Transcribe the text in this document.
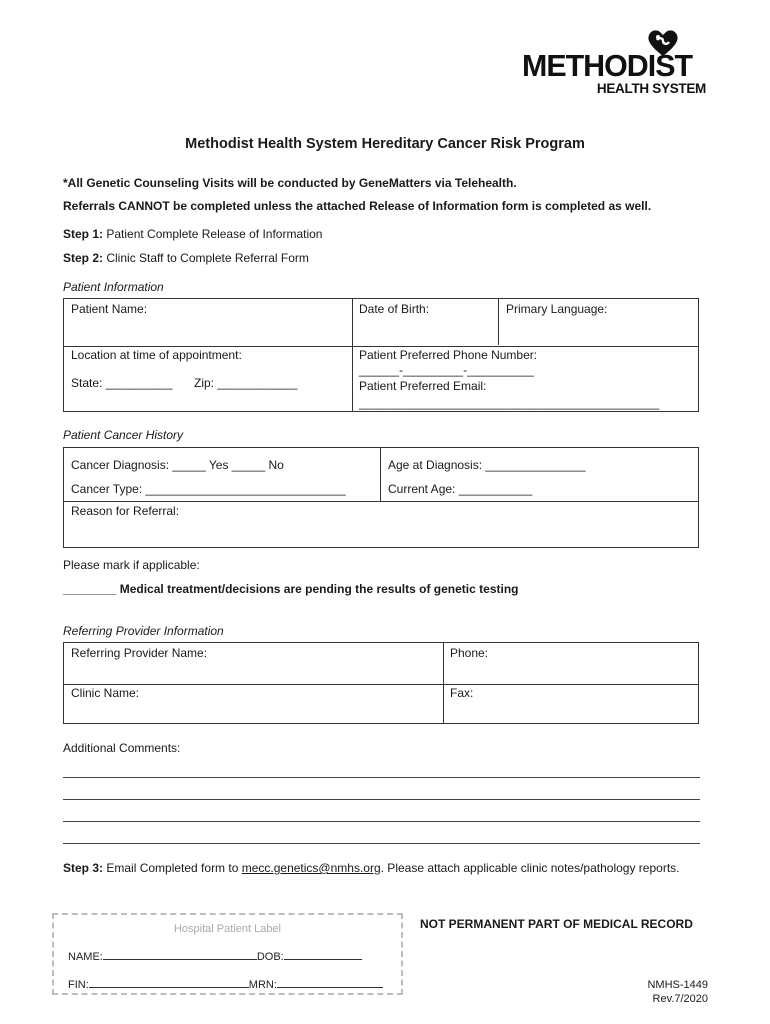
METHODIST
HEALTH SYSTEM
Methodist Health System Hereditary Cancer Risk Program
*All Genetic Counseling Visits will be conducted by GeneMatters via Telehealth.
Referrals CANNOT be completed unless the attached Release of Information form is completed as well.
Step 1: Patient Complete Release of Information
Step 2: Clinic Staff to Complete Referral Form
Patient Information
Patient Name:	Date of Birth:	Primary Language:
Location at time of appointment:
State: __________ Zip: ____________
Patient Preferred Phone Number:
______-_________-__________
Patient Preferred Email:
_____________________________________________
Patient Cancer History
Cancer Diagnosis: _____ Yes _____ No	Age at Diagnosis: _______________
Cancer Type: ______________________________	Current Age: ___________
Reason for Referral:
Please mark if applicable:
________ Medical treatment/decisions are pending the results of genetic testing
Referring Provider Information
Referring Provider Name:	Phone:
Clinic Name:	Fax:
Additional Comments:
Step 3: Email Completed form to mecc.genetics@nmhs.org. Please attach applicable clinic notes/pathology reports.
Hospital Patient Label
NAME:	DOB:
FIN:	MRN:
NOT PERMANENT PART OF MEDICAL RECORD
NMHS-1449
Rev.7/2020
